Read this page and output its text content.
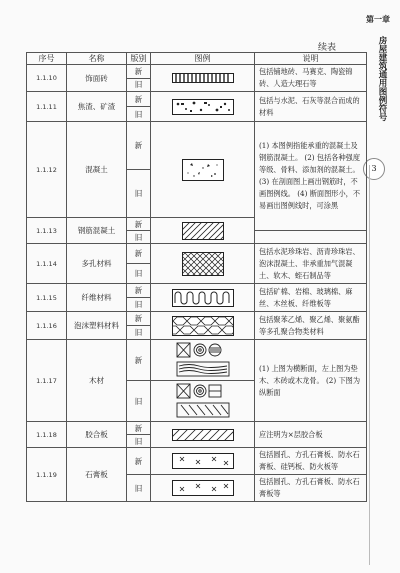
第一章
房屋建筑通用图例符号
3
续表
序号	名称	版别	图例	说明
1.1.10	饰面砖	新		包括铺地砖、马赛克、陶瓷锦砖、人造大理石等
		旧		
1.1.11	焦渣、矿渣	新		包括与水泥、石灰等混合而成的材料
		旧		
1.1.12	混凝土	新		(1) 本图例指能承重的混凝土及钢筋混凝土。 (2) 包括各种强度等级、骨料、添加剂的混凝土。 (3) 在剖面图上画出钢筋时，不画图例线。 (4) 断面图形小，不易画出图例线时，可涂黑
		旧		
1.1.13	钢筋混凝土	新	

		旧		
1.1.14	多孔材料	新		包括水泥珍珠岩、沥青珍珠岩、泡沫混凝土、非承重加气混凝土、软木、蛭石制品等
		旧		
1.1.15	纤维材料	新		包括矿棉、岩棉、玻璃棉、麻丝、木丝板、纤维板等
		旧		
1.1.16	泡沫塑料材料	新		包括聚苯乙烯、聚乙烯、聚氨酯等多孔聚合物类材料
		旧		
1.1.17	木材	新		(1) 上图为横断面，左上图为垫木、木砖或木龙骨。 (2) 下图为纵断面
		旧	

1.1.18	胶合板	新		应注明为×层胶合板
		旧		
1.1.19	石膏板	新		包括圆孔、方孔石膏板、防水石膏板、硅钙板、防火板等
		旧		包括圆孔、方孔石膏板、防水石膏板等
